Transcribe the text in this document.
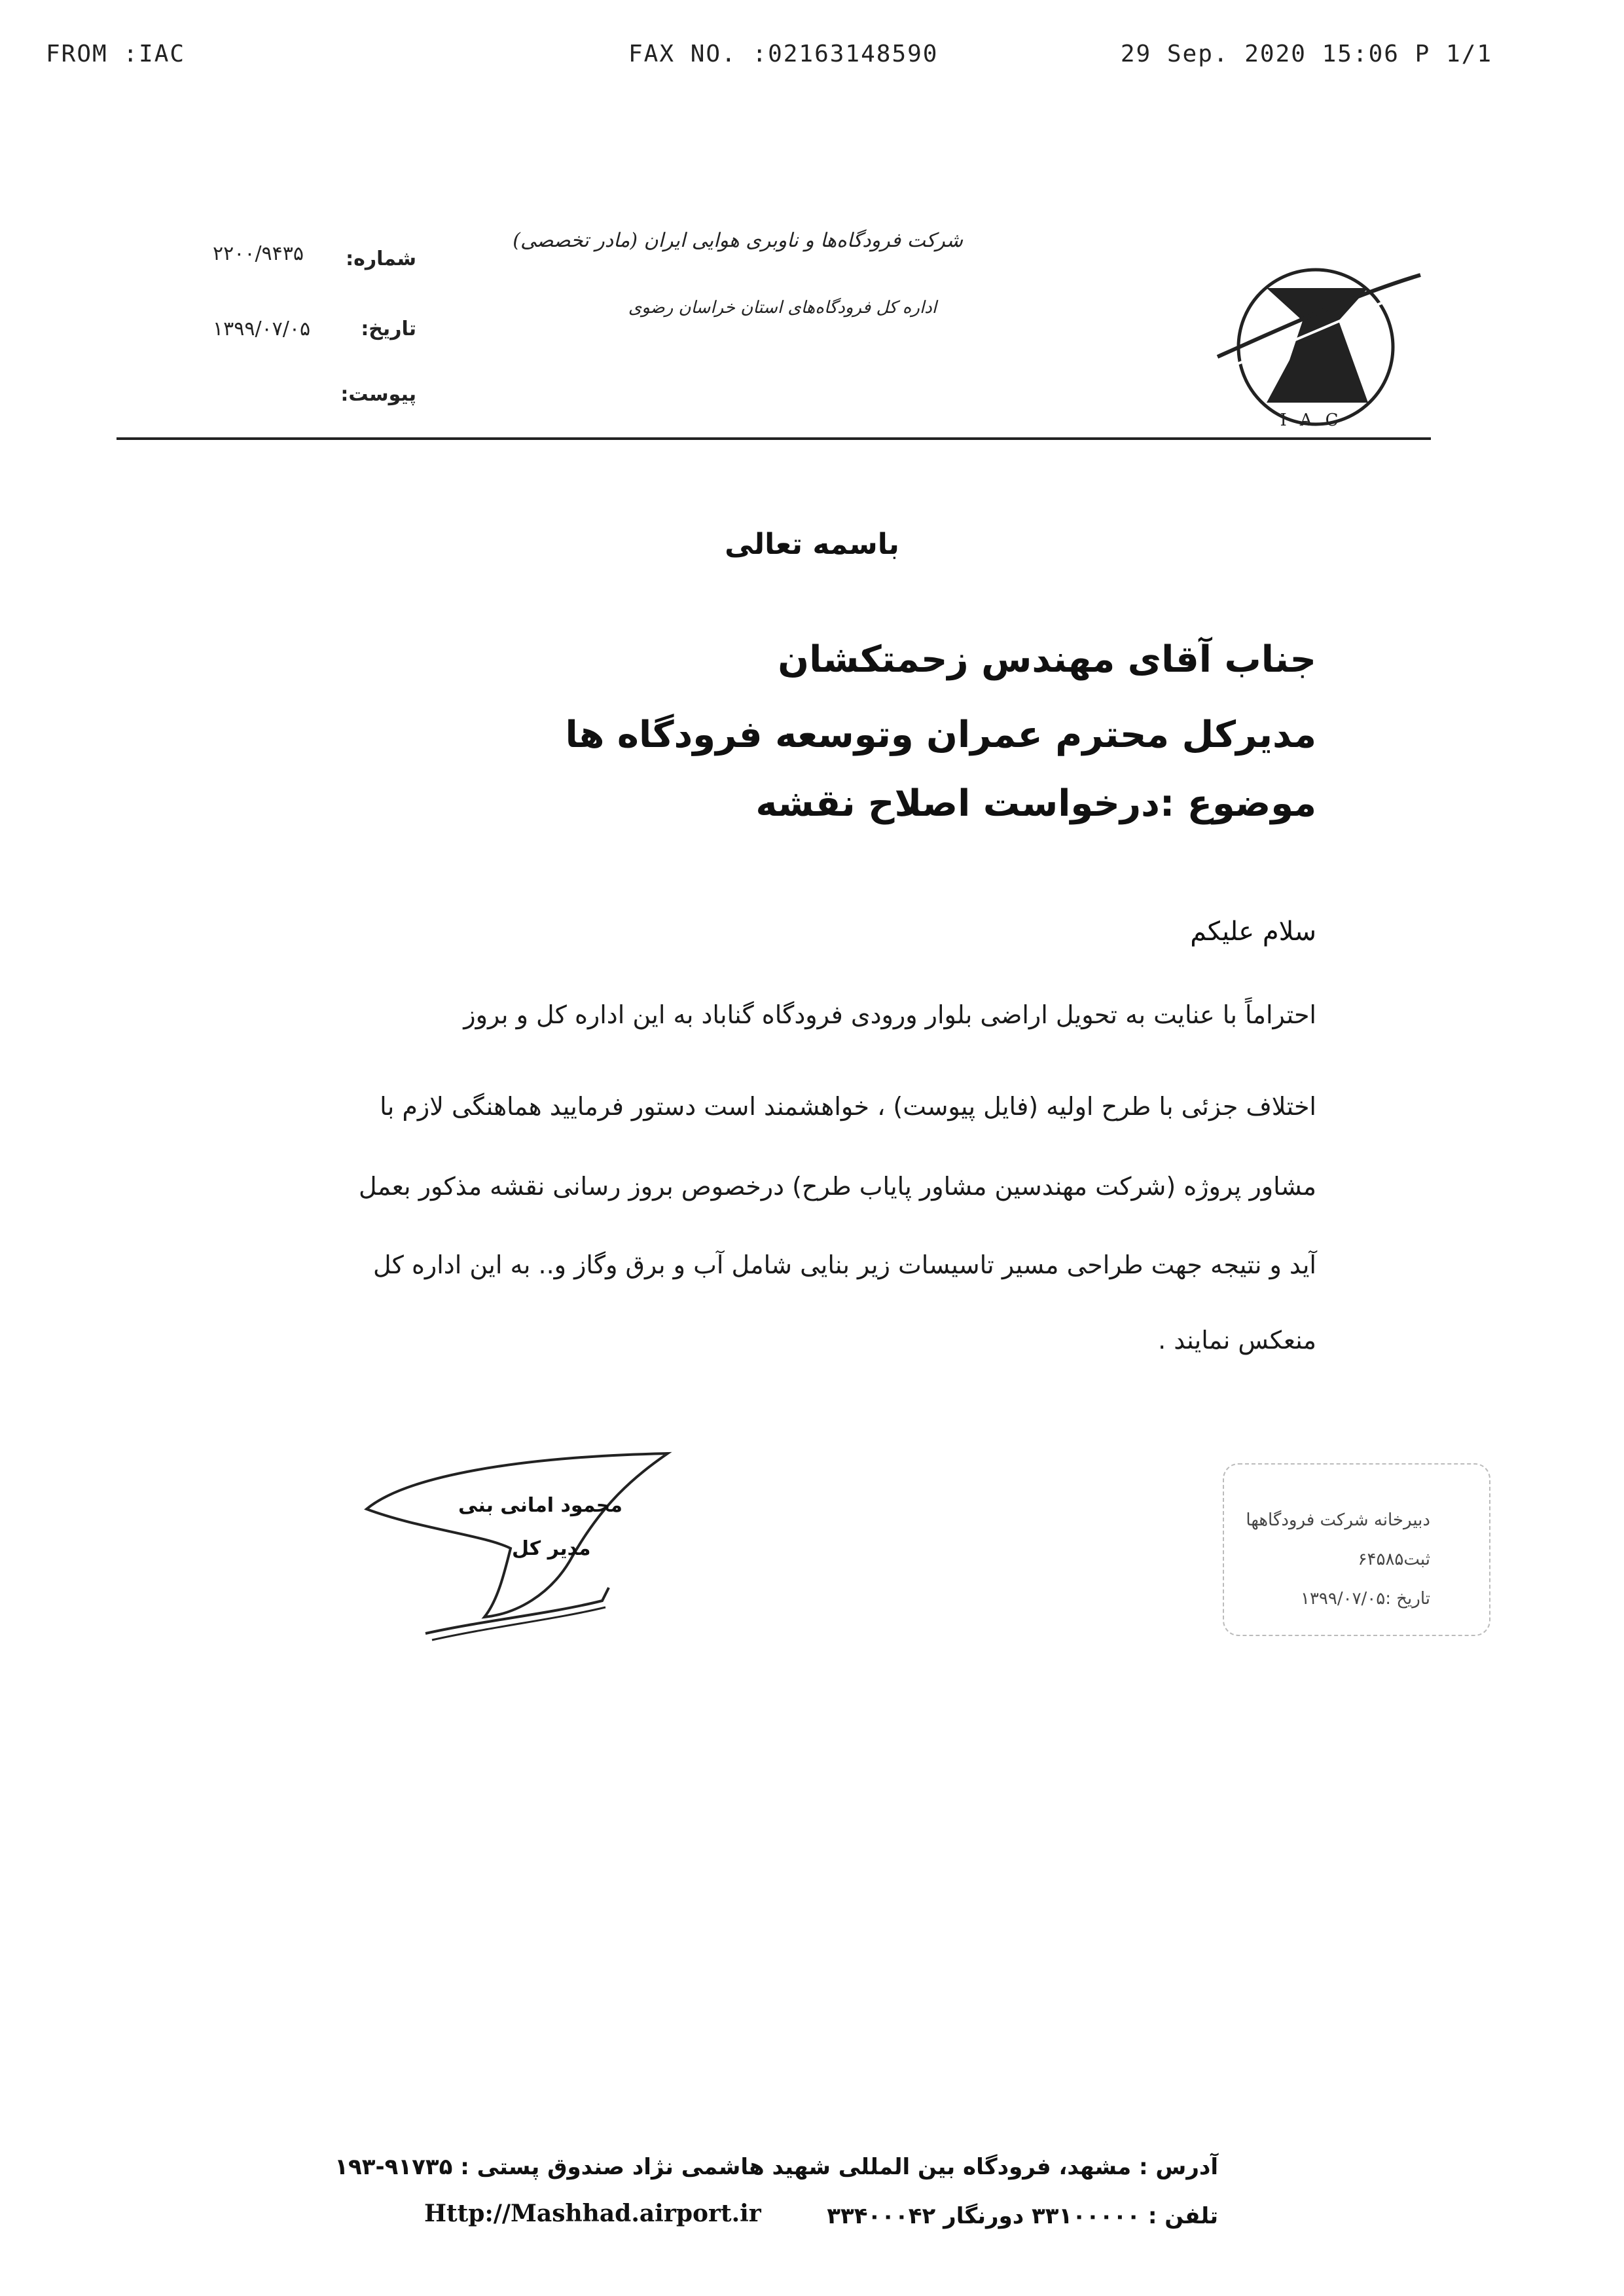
FROM :IAC	FAX NO. :02163148590	29 Sep. 2020 15:06 P 1/1
IAC
شرکت فرودگاه‌ها و ناوبری هوایی ایران (مادر تخصصی)
اداره کل فرودگاه‌های استان خراسان رضوی
شماره:
۲۲۰۰/۹۴۳۵
تاریخ:
۱۳۹۹/۰۷/۰۵
پیوست:
باسمه تعالی
جناب آقای مهندس زحمتکشان
مدیرکل محترم عمران وتوسعه فرودگاه ها
موضوع :درخواست اصلاح نقشه
سلام علیکم
احتراماً با عنایت به تحویل اراضی بلوار ورودی فرودگاه گناباد به این اداره کل و بروز
اختلاف جزئی با طرح اولیه (فایل پیوست) ، خواهشمند است دستور فرمایید هماهنگی لازم با
مشاور پروژه (شرکت مهندسین مشاور پایاب طرح) درخصوص بروز رسانی نقشه مذکور بعمل
آید و نتیجه جهت طراحی مسیر تاسیسات زیر بنایی شامل آب و برق وگاز و.. به این اداره کل
منعکس نمایند .
محمود امانی بنی
مدیر کل
دبیرخانه شرکت فرودگاهها
ثبت۶۴۵۸۵
تاریخ :۱۳۹۹/۰۷/۰۵
آدرس : مشهد، فرودگاه بین المللی شهید هاشمی نژاد صندوق پستی : ۹۱۷۳۵-۱۹۳
تلفن : ۳۳۱۰۰۰۰۰ دورنگار ۳۳۴۰۰۰۴۲
Http://Mashhad.airport.ir
